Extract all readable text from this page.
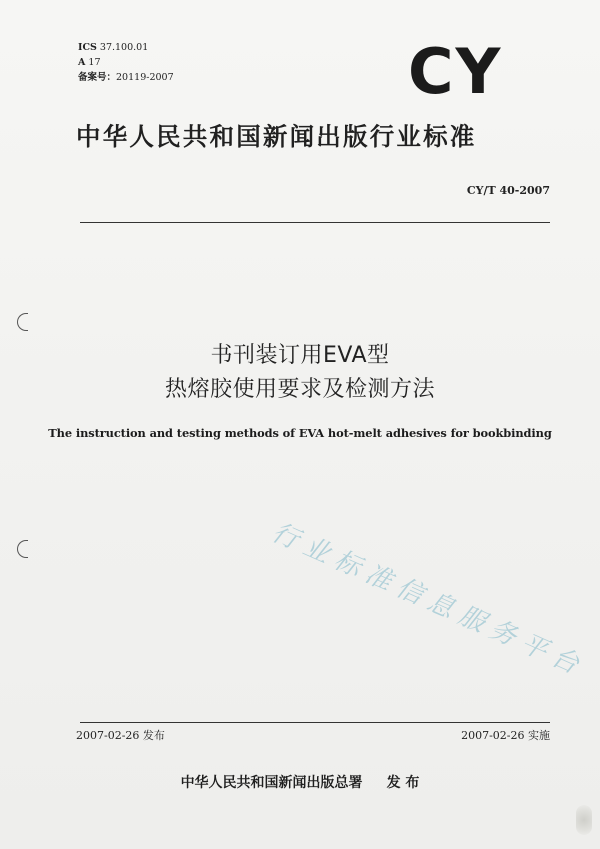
ICS 37.100.01
A 17
备案号：20119-2007	CY
中华人民共和国新闻出版行业标准
CY/T 40-2007
书刊装订用EVA型
热熔胶使用要求及检测方法
The instruction and testing methods of EVA hot-melt adhesives for bookbinding
行业标准信息服务平台
2007-02-26 发布	2007-02-26 实施
中华人民共和国新闻出版总署 发 布
